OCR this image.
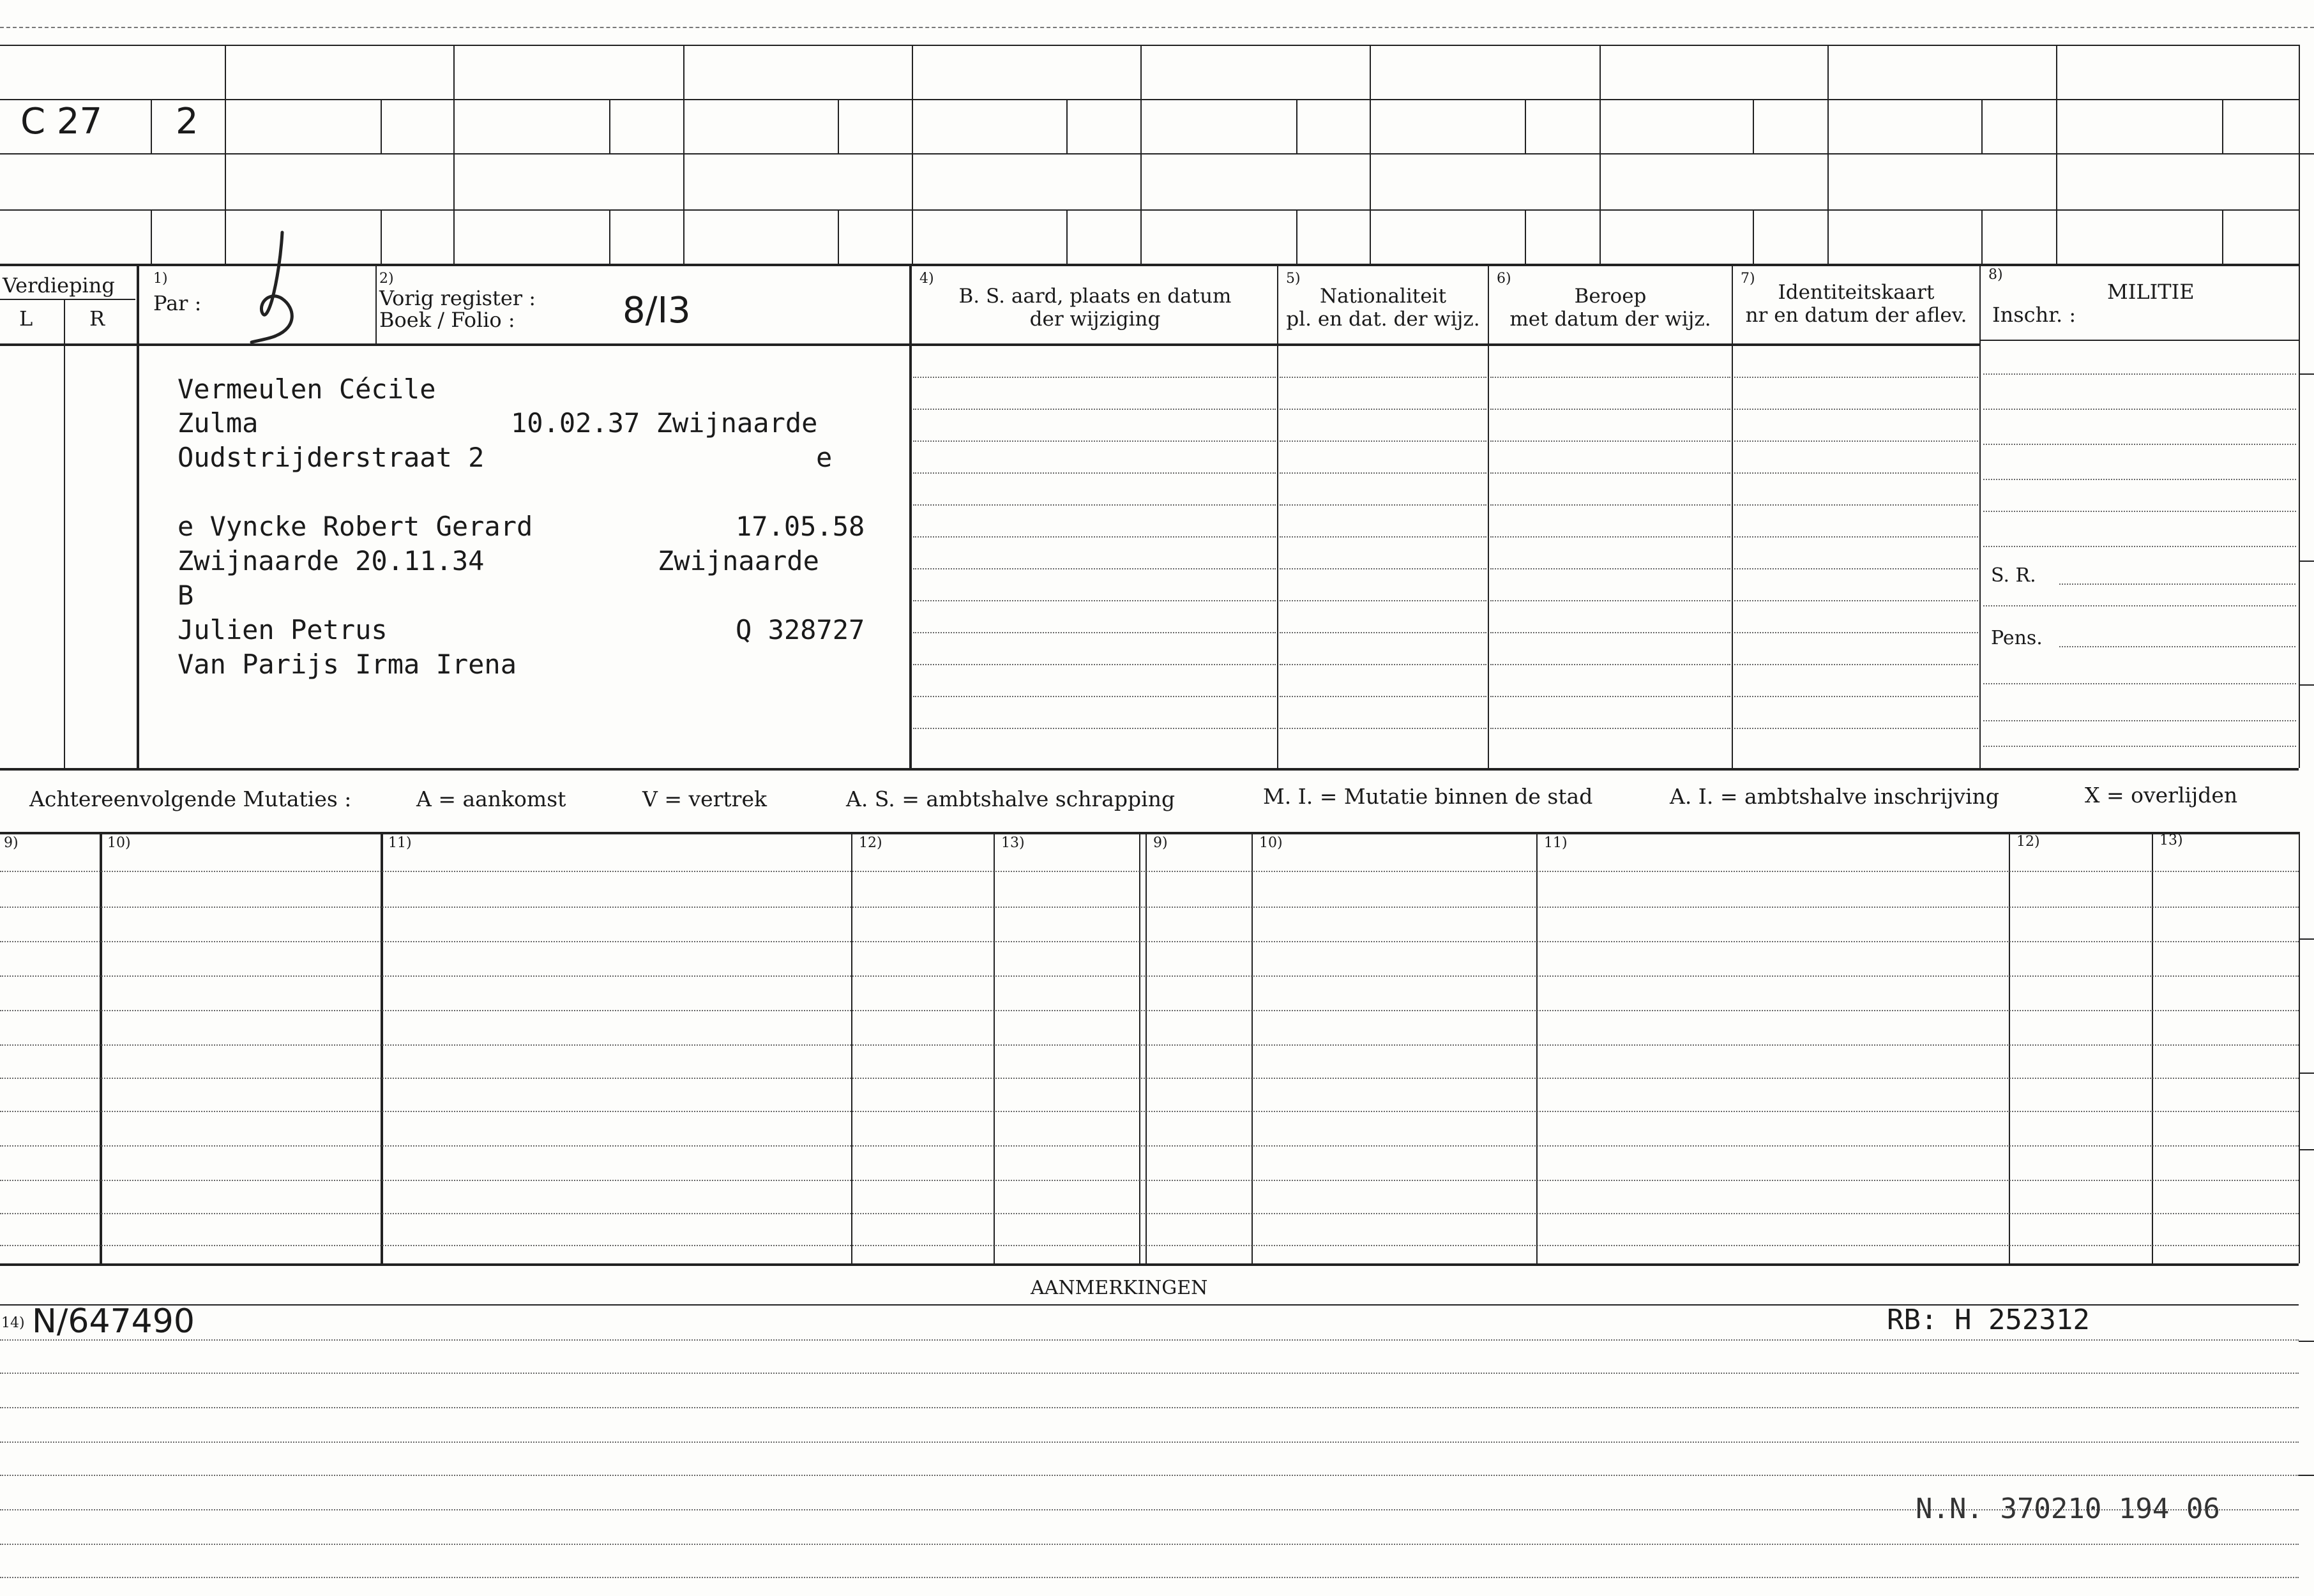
C 27 2
Verdieping
L	R
1)
Par :
2)
Vorig register :
Boek / Folio :	8/I3
4)
B. S. aard, plaats en datum
der wijziging
5)
Nationaliteit
pl. en dat. der wijz.
6)
Beroep
met datum der wijz.
7)
Identiteitskaart
nr en datum der aflev.
8)
MILITIE
Inschr. :
S. R.
Pens.
Vermeulen Cécile
Zulma	10.02.37 Zwijnaarde
Oudstrijderstraat 2	e
e Vyncke Robert Gerard	17.05.58
Zwijnaarde 20.11.34	Zwijnaarde
B
Julien Petrus	Q 328727
Van Parijs Irma Irena
Achtereenvolgende Mutaties :	A = aankomst	V = vertrek	A. S. = ambtshalve schrapping	M. I. = Mutatie binnen de stad	A. I. = ambtshalve inschrijving	X = overlijden
9)	10)	11)	12)	13)	9)	10)	11)	12)	13)
AANMERKINGEN
14) N/647490	RB: H 252312
N.N. 370210 194 06
